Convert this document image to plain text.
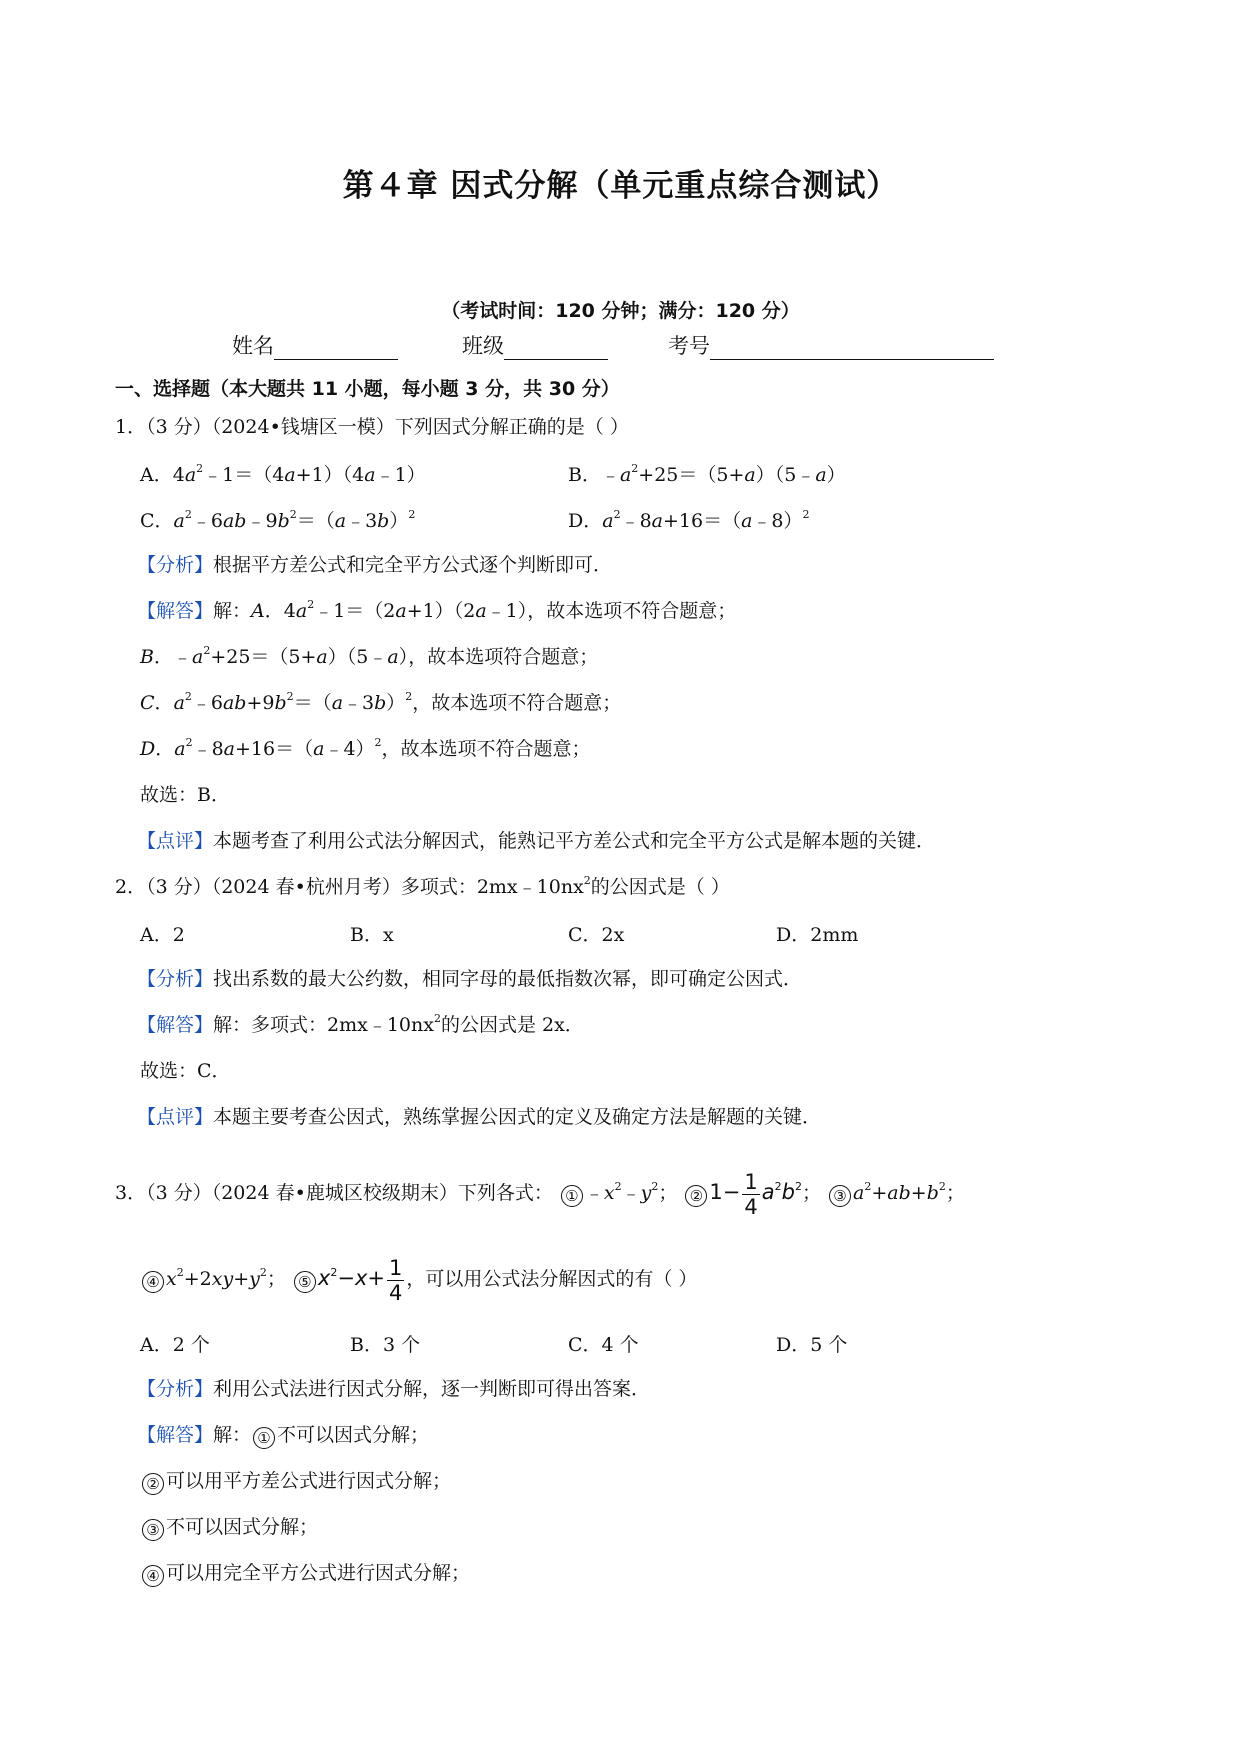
第４章 因式分解（单元重点综合测试）
（考试时间：120 分钟；满分：120 分）
姓名	班级	考号
一、选择题（本大题共 11 小题，每小题 3 分，共 30 分）
1．（3 分）（2024•钱塘区一模）下列因式分解正确的是（ ）
A．$4a^2﹣1=(4a+1)(4a﹣1)$	B．$﹣a^2+25=(5+a)(5﹣a)$
C．$a^2﹣6ab﹣9b^2=(a﹣3b)^2$	D．$a^2﹣8a+16=(a﹣8)^2$
【分析】根据平方差公式和完全平方公式逐个判断即可．
【解答】解：A．$4a^2﹣1=(2a+1)(2a﹣1)$，故本选项不符合题意；
B．$﹣a^2+25=(5+a)(5﹣a)$，故本选项符合题意；
C．$a^2﹣6ab+9b^2=(a﹣3b)^2$，故本选项不符合题意；
D．$a^2﹣8a+16=(a﹣4)^2$，故本选项不符合题意；
故选：B．
【点评】本题考查了利用公式法分解因式，能熟记平方差公式和完全平方公式是解本题的关键．
2．（3 分）（2024 春•杭州月考）多项式：$2mx﹣10nx^2$的公因式是（ ）
A．2	B．x	C．2x	D．2mm
【分析】找出系数的最大公约数，相同字母的最低指数次幂，即可确定公因式．
【解答】解：多项式：$2mx﹣10nx^2$的公因式是 2x．
故选：C．
【点评】本题主要考查公因式，熟练掌握公因式的定义及确定方法是解题的关键．
3．（3 分）（2024 春•鹿城区校级期末）下列各式： ① $﹣x^2﹣y^2$； ② $1- \frac{1}{4} a^2b^2$； ③ $a^2+ab+b^2$；
④ $x^2+2xy+y^2$； ⑤ $x^2-x+ \frac{1}{4}$ ，可以用公式法分解因式的有（ ）
A．2 个	B．3 个	C．4 个	D．5 个
【分析】利用公式法进行因式分解，逐一判断即可得出答案．
【解答】解： ① 不可以因式分解；
② 可以用平方差公式进行因式分解；
③ 不可以因式分解；
④ 可以用完全平方公式进行因式分解；
